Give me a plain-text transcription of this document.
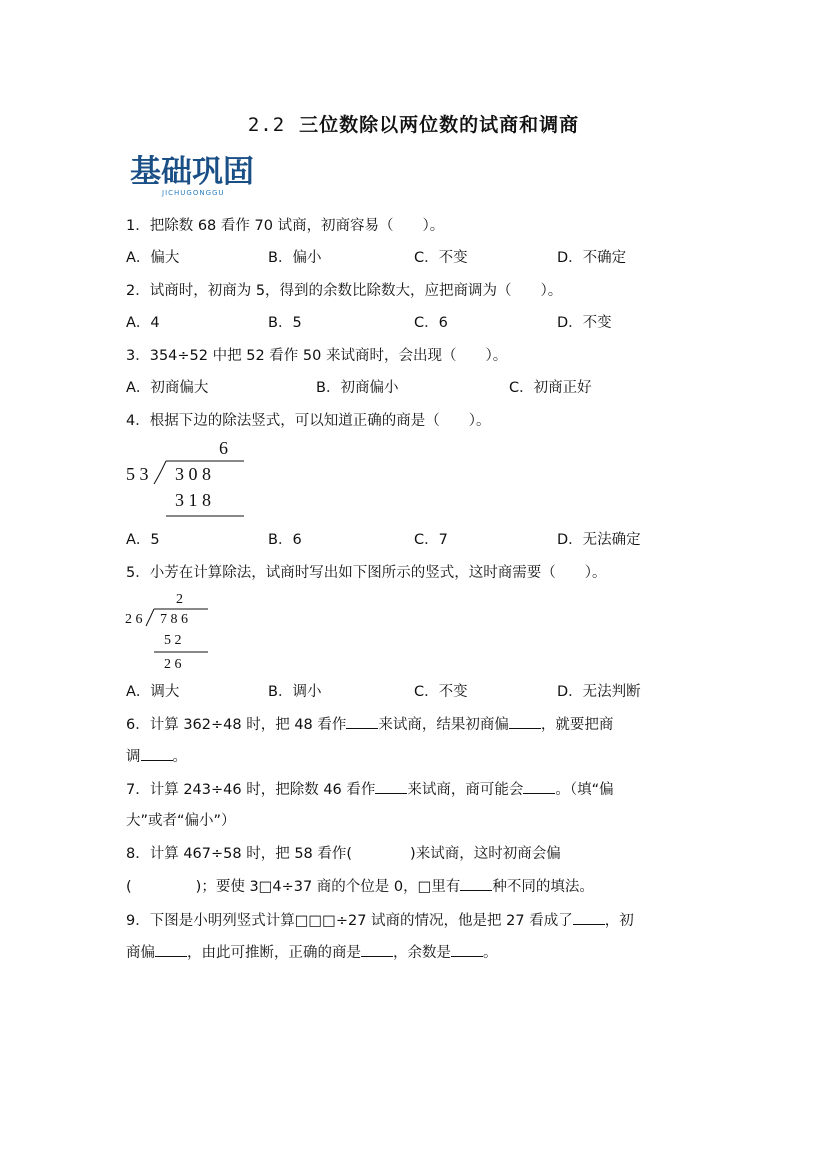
2.2 三位数除以两位数的试商和调商
基础巩固
JICHUGONGGU
1．把除数 68 看作 70 试商，初商容易（　　）。
A．偏大	B．偏小	C．不变	D．不确定
2．试商时，初商为 5，得到的余数比除数大，应把商调为（　　）。
A．4	B．5	C．6	D．不变
3．354÷52 中把 52 看作 50 来试商时，会出现（　　）。
A．初商偏大	B．初商偏小	C．初商正好
4．根据下边的除法竖式，可以知道正确的商是（　　）。
6
5 3 3 0 8
3 1 8
A．5	B．6	C．7	D．无法确定
5．小芳在计算除法，试商时写出如下图所示的竖式，这时商需要（　　）。
2
2 6 7 8 6
5 2
2 6
A．调大	B．调小	C．不变	D．无法判断
6．计算 362÷48 时，把 48 看作 来试商，结果初商偏 ，就要把商
调 。
7．计算 243÷46 时，把除数 46 看作 来试商，商可能会 。（填“偏
大”或者“偏小”）
8．计算 467÷58 时，把 58 看作(	)来试商，这时初商会偏
(	)；要使 3□4÷37 商的个位是 0，□里有 种不同的填法。
9．下图是小明列竖式计算□□□÷27 试商的情况，他是把 27 看成了 ，初
商偏 ，由此可推断，正确的商是 ，余数是 。
